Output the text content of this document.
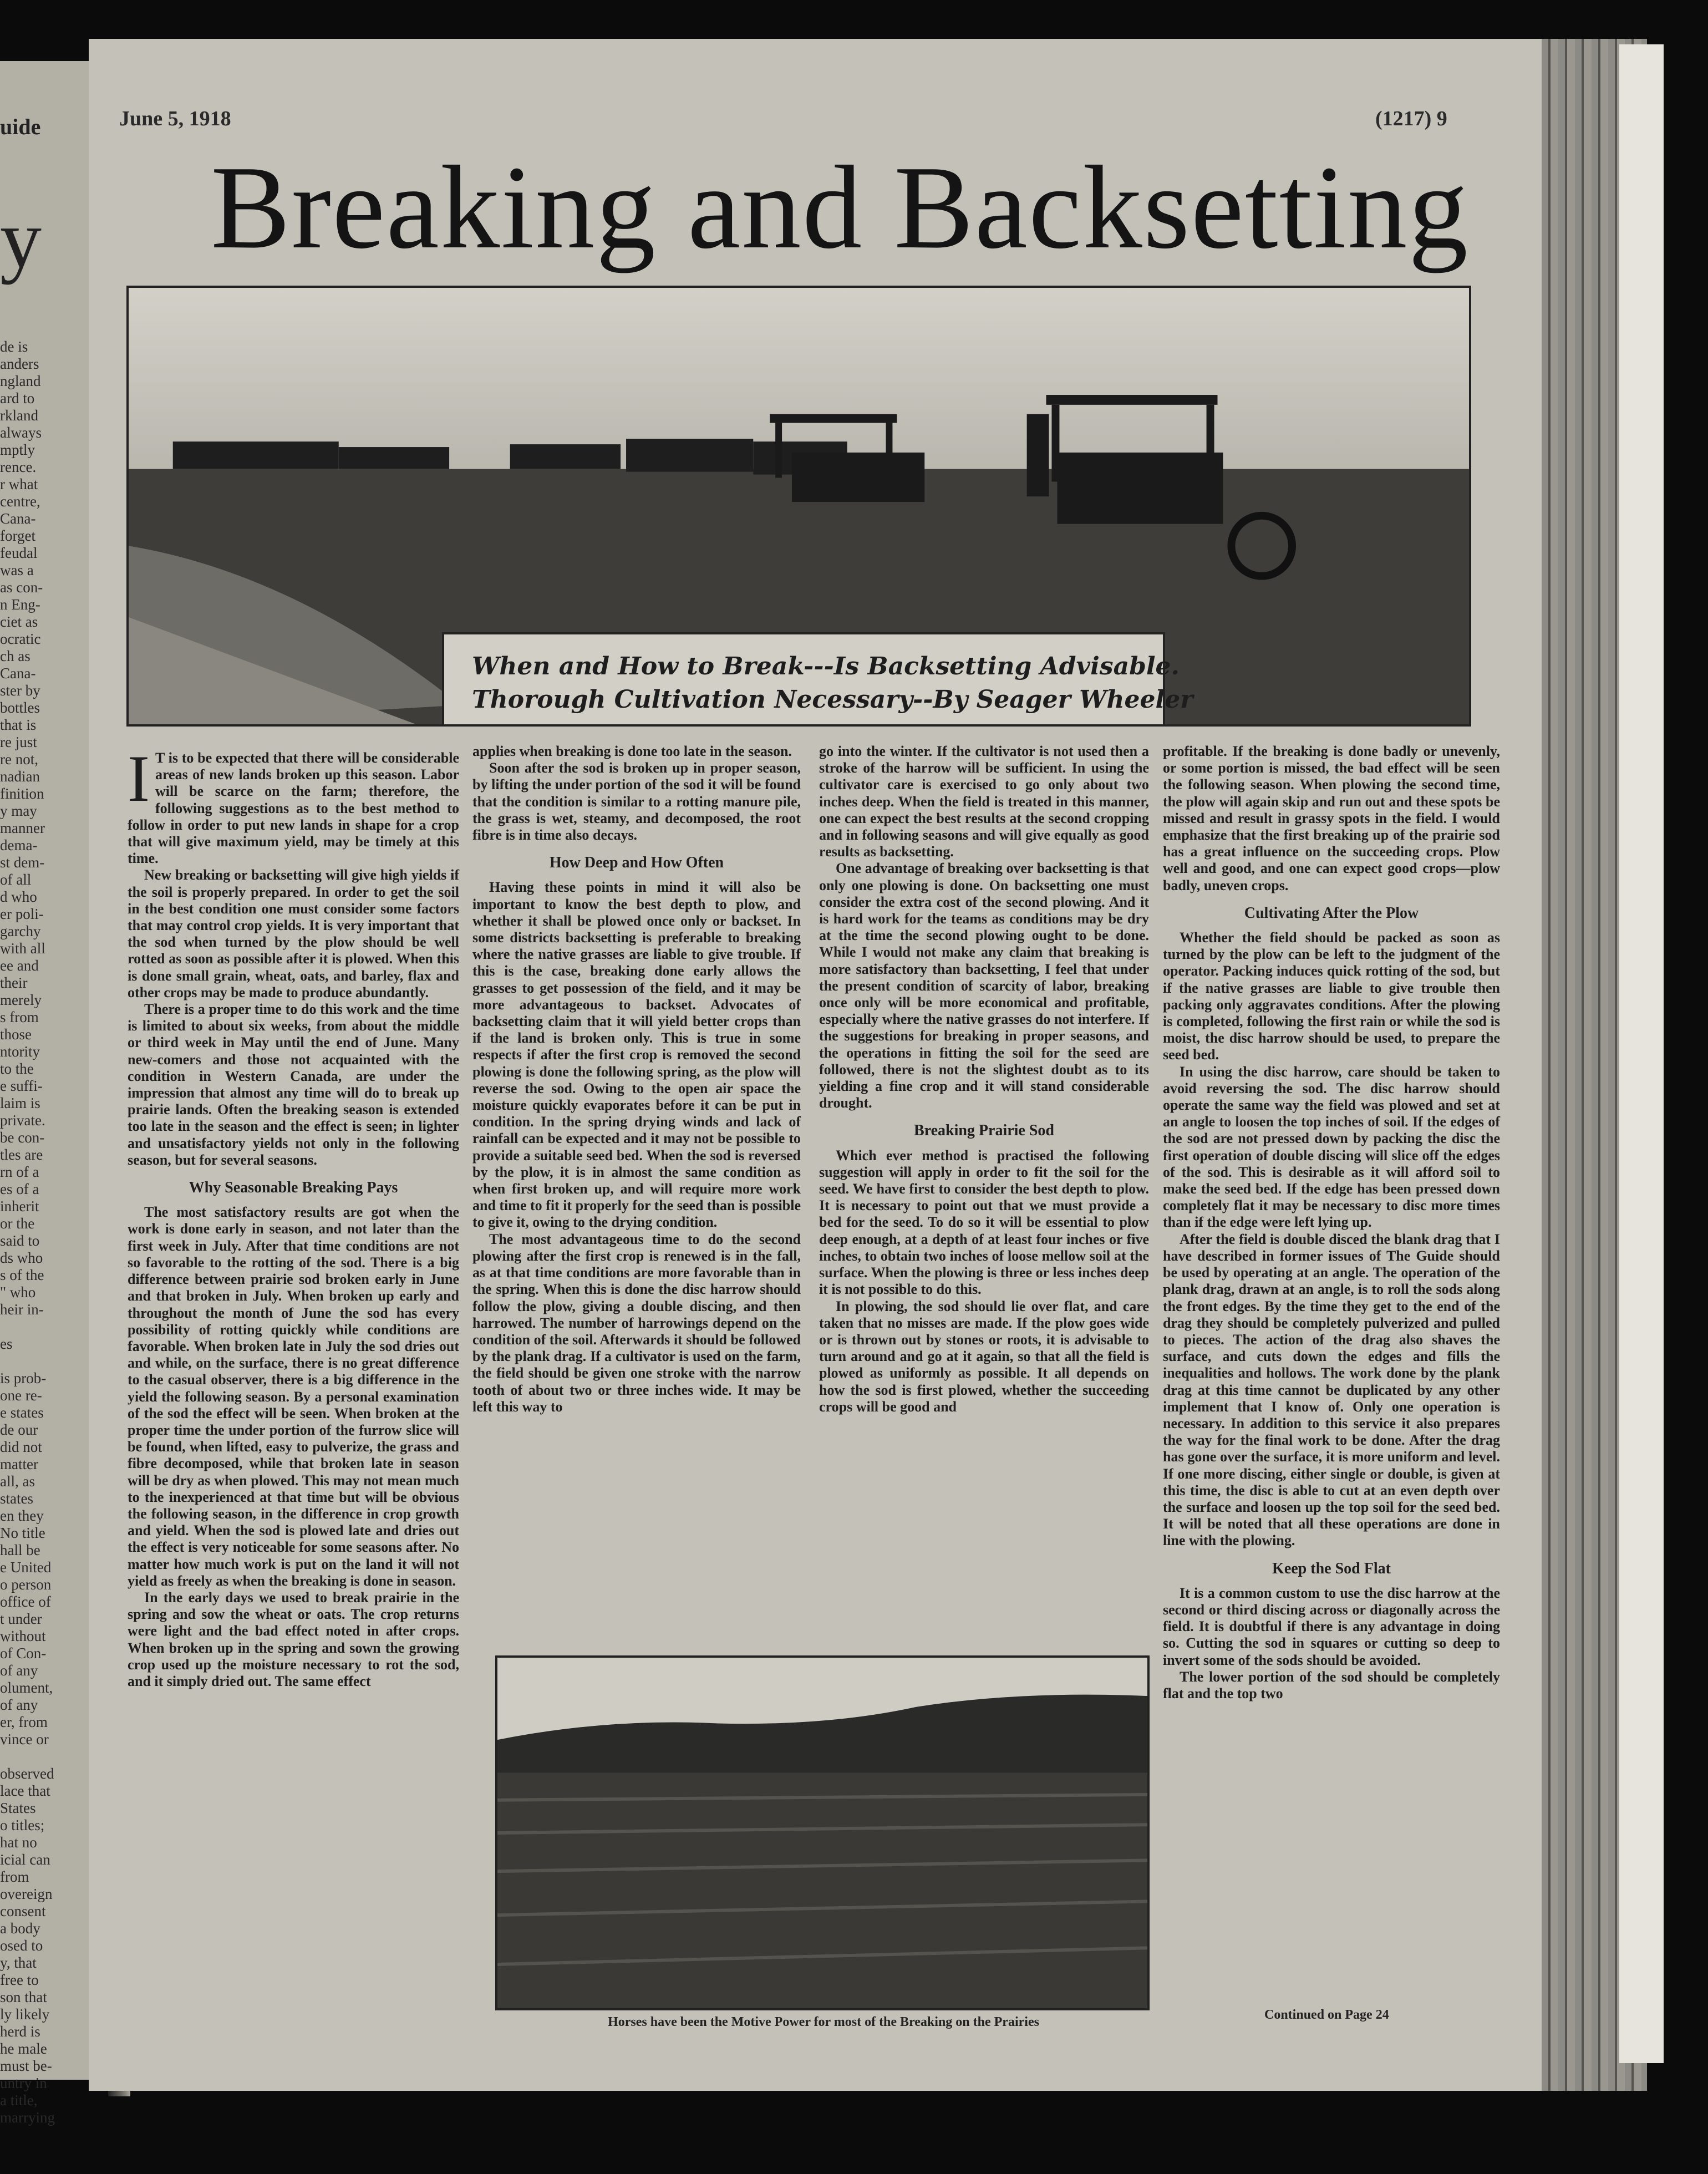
uide
y
de is
anders
ngland
ard to
rkland
always
mptly
rence.
r what
centre,
Cana-
forget
feudal
was a
as con-
n Eng-
ciet as
ocratic
ch as
Cana-
ster by
bottles
that is
re just
re not,
nadian
finition
y may
manner
dema-
st dem-
of all
d who
er poli-
garchy
with all
ee and
their
merely
s from
those
ntority
to the
e suffi-
laim is
private.
be con-
tles are
rn of a
es of a
inherit
or the
said to
ds who
s of the
" who
heir in-

es

is prob-
one re-
e states
de our
did not
matter
all, as
states
en they
No title
hall be
e United
o person
office of
t under
without
of Con-
of any
olument,
of any
er, from
vince or

observed
lace that
States
o titles;
hat no
icial can
from
overeign
consent
a body
osed to
y, that
free to
son that
ly likely
herd is
he male
must be-
untry in
a title,
marrying
June 5, 1918	(1217) 9
Breaking and Backsetting
When and How to Break---Is Backsetting Advisable.
Thorough Cultivation Necessary--By Seager Wheeler

I T is to be expected that there will be considerable areas of new lands broken up this season. Labor will be scarce on the farm; therefore, the following suggestions as to the best method to follow in order to put new lands in shape for a crop that will give maximum yield, may be timely at this time.

New breaking or backsetting will give high yields if the soil is properly prepared. In order to get the soil in the best condition one must consider some factors that may control crop yields. It is very important that the sod when turned by the plow should be well rotted as soon as possible after it is plowed. When this is done small grain, wheat, oats, and barley, flax and other crops may be made to produce abundantly.

There is a proper time to do this work and the time is limited to about six weeks, from about the middle or third week in May until the end of June. Many new-comers and those not acquainted with the condition in Western Canada, are under the impression that almost any time will do to break up prairie lands. Often the breaking season is extended too late in the season and the effect is seen; in lighter and unsatisfactory yields not only in the following season, but for several seasons.

Why Seasonable Breaking Pays

The most satisfactory results are got when the work is done early in season, and not later than the first week in July. After that time conditions are not so favorable to the rotting of the sod. There is a big difference between prairie sod broken early in June and that broken in July. When broken up early and throughout the month of June the sod has every possibility of rotting quickly while conditions are favorable. When broken late in July the sod dries out and while, on the surface, there is no great difference to the casual observer, there is a big difference in the yield the following season. By a personal examination of the sod the effect will be seen. When broken at the proper time the under portion of the furrow slice will be found, when lifted, easy to pulverize, the grass and fibre decomposed, while that broken late in season will be dry as when plowed. This may not mean much to the inexperienced at that time but will be obvious the following season, in the difference in crop growth and yield. When the sod is plowed late and dries out the effect is very noticeable for some seasons after. No matter how much work is put on the land it will not yield as freely as when the breaking is done in season.

In the early days we used to break prairie in the spring and sow the wheat or oats. The crop returns were light and the bad effect noted in after crops. When broken up in the spring and sown the growing crop used up the moisture necessary to rot the sod, and it simply dried out. The same effect

applies when breaking is done too late in the season.

Soon after the sod is broken up in proper season, by lifting the under portion of the sod it will be found that the condition is similar to a rotting manure pile, the grass is wet, steamy, and decomposed, the root fibre is in time also decays.

How Deep and How Often

Having these points in mind it will also be important to know the best depth to plow, and whether it shall be plowed once only or backset. In some districts backsetting is preferable to breaking where the native grasses are liable to give trouble. If this is the case, breaking done early allows the grasses to get possession of the field, and it may be more advantageous to backset. Advocates of backsetting claim that it will yield better crops than if the land is broken only. This is true in some respects if after the first crop is removed the second plowing is done the following spring, as the plow will reverse the sod. Owing to the open air space the moisture quickly evaporates before it can be put in condition. In the spring drying winds and lack of rainfall can be expected and it may not be possible to provide a suitable seed bed. When the sod is reversed by the plow, it is in almost the same condition as when first broken up, and will require more work and time to fit it properly for the seed than is possible to give it, owing to the drying condition.

The most advantageous time to do the second plowing after the first crop is renewed is in the fall, as at that time conditions are more favorable than in the spring. When this is done the disc harrow should follow the plow, giving a double discing, and then harrowed. The number of harrowings depend on the condition of the soil. Afterwards it should be followed by the plank drag. If a cultivator is used on the farm, the field should be given one stroke with the narrow tooth of about two or three inches wide. It may be left this way to

go into the winter. If the cultivator is not used then a stroke of the harrow will be sufficient. In using the cultivator care is exercised to go only about two inches deep. When the field is treated in this manner, one can expect the best results at the second cropping and in following seasons and will give equally as good results as backsetting.

One advantage of breaking over backsetting is that only one plowing is done. On backsetting one must consider the extra cost of the second plowing. And it is hard work for the teams as conditions may be dry at the time the second plowing ought to be done. While I would not make any claim that breaking is more satisfactory than backsetting, I feel that under the present condition of scarcity of labor, breaking once only will be more economical and profitable, especially where the native grasses do not interfere. If the suggestions for breaking in proper seasons, and the operations in fitting the soil for the seed are followed, there is not the slightest doubt as to its yielding a fine crop and it will stand considerable drought.

Breaking Prairie Sod

Which ever method is practised the following suggestion will apply in order to fit the soil for the seed. We have first to consider the best depth to plow. It is necessary to point out that we must provide a bed for the seed. To do so it will be essential to plow deep enough, at a depth of at least four inches or five inches, to obtain two inches of loose mellow soil at the surface. When the plowing is three or less inches deep it is not possible to do this.

In plowing, the sod should lie over flat, and care taken that no misses are made. If the plow goes wide or is thrown out by stones or roots, it is advisable to turn around and go at it again, so that all the field is plowed as uniformly as possible. It all depends on how the sod is first plowed, whether the succeeding crops will be good and

profitable. If the breaking is done badly or unevenly, or some portion is missed, the bad effect will be seen the following season. When plowing the second time, the plow will again skip and run out and these spots be missed and result in grassy spots in the field. I would emphasize that the first breaking up of the prairie sod has a great influence on the succeeding crops. Plow well and good, and one can expect good crops—plow badly, uneven crops.

Cultivating After the Plow

Whether the field should be packed as soon as turned by the plow can be left to the judgment of the operator. Packing induces quick rotting of the sod, but if the native grasses are liable to give trouble then packing only aggravates conditions. After the plowing is completed, following the first rain or while the sod is moist, the disc harrow should be used, to prepare the seed bed.

In using the disc harrow, care should be taken to avoid reversing the sod. The disc harrow should operate the same way the field was plowed and set at an angle to loosen the top inches of soil. If the edges of the sod are not pressed down by packing the disc the first operation of double discing will slice off the edges of the sod. This is desirable as it will afford soil to make the seed bed. If the edge has been pressed down completely flat it may be necessary to disc more times than if the edge were left lying up.

After the field is double disced the blank drag that I have described in former issues of The Guide should be used by operating at an angle. The operation of the plank drag, drawn at an angle, is to roll the sods along the front edges. By the time they get to the end of the drag they should be completely pulverized and pulled to pieces. The action of the drag also shaves the surface, and cuts down the edges and fills the inequalities and hollows. The work done by the plank drag at this time cannot be duplicated by any other implement that I know of. Only one operation is necessary. In addition to this service it also prepares the way for the final work to be done. After the drag has gone over the surface, it is more uniform and level. If one more discing, either single or double, is given at this time, the disc is able to cut at an even depth over the surface and loosen up the top soil for the seed bed. It will be noted that all these operations are done in line with the plowing.

Keep the Sod Flat

It is a common custom to use the disc harrow at the second or third discing across or diagonally across the field. It is doubtful if there is any advantage in doing so. Cutting the sod in squares or cutting so deep to invert some of the sods should be avoided.

The lower portion of the sod should be completely flat and the top two

Horses have been the Motive Power for most of the Breaking on the Prairies	Continued on Page 24
